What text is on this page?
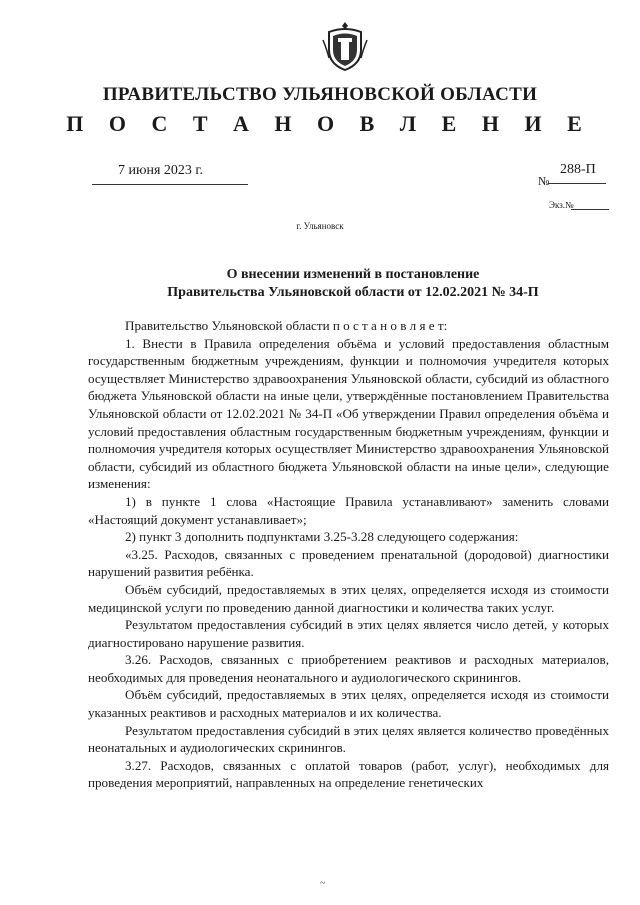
ПРАВИТЕЛЬСТВО УЛЬЯНОВСКОЙ ОБЛАСТИ
П О С Т А Н О В Л Е Н И Е
7 июня 2023 г.
№
288-П
Экз.№
г. Ульяновск
О внесении изменений в постановление
Правительства Ульяновской области от 12.02.2021 № 34-П

Правительство Ульяновской области п о с т а н о в л я е т:

1. Внести в Правила определения объёма и условий предоставления областным государственным бюджетным учреждениям, функции и полномочия учредителя которых осуществляет Министерство здравоохранения Ульяновской области, субсидий из областного бюджета Ульяновской области на иные цели, утверждённые постановлением Правительства Ульяновской области от 12.02.2021 № 34-П «Об утверждении Правил определения объёма и условий предоставления областным государственным бюджетным учреждениям, функции и полномочия учредителя которых осуществляет Министерство здравоохранения Ульяновской области, субсидий из областного бюджета Ульяновской области на иные цели», следующие изменения:

1) в пункте 1 слова «Настоящие Правила устанавливают» заменить словами «Настоящий документ устанавливает»;

2) пункт 3 дополнить подпунктами 3.25-3.28 следующего содержания:

«3.25. Расходов, связанных с проведением пренатальной (дородовой) диагностики нарушений развития ребёнка.

Объём субсидий, предоставляемых в этих целях, определяется исходя из стоимости медицинской услуги по проведению данной диагностики и количества таких услуг.

Результатом предоставления субсидий в этих целях является число детей, у которых диагностировано нарушение развития.

3.26. Расходов, связанных с приобретением реактивов и расходных материалов, необходимых для проведения неонатального и аудиологического скринингов.

Объём субсидий, предоставляемых в этих целях, определяется исходя из стоимости указанных реактивов и расходных материалов и их количества.

Результатом предоставления субсидий в этих целях является количество проведённых неонатальных и аудиологических скринингов.

3.27. Расходов, связанных с оплатой товаров (работ, услуг), необходимых для проведения мероприятий, направленных на определение генетических

~
